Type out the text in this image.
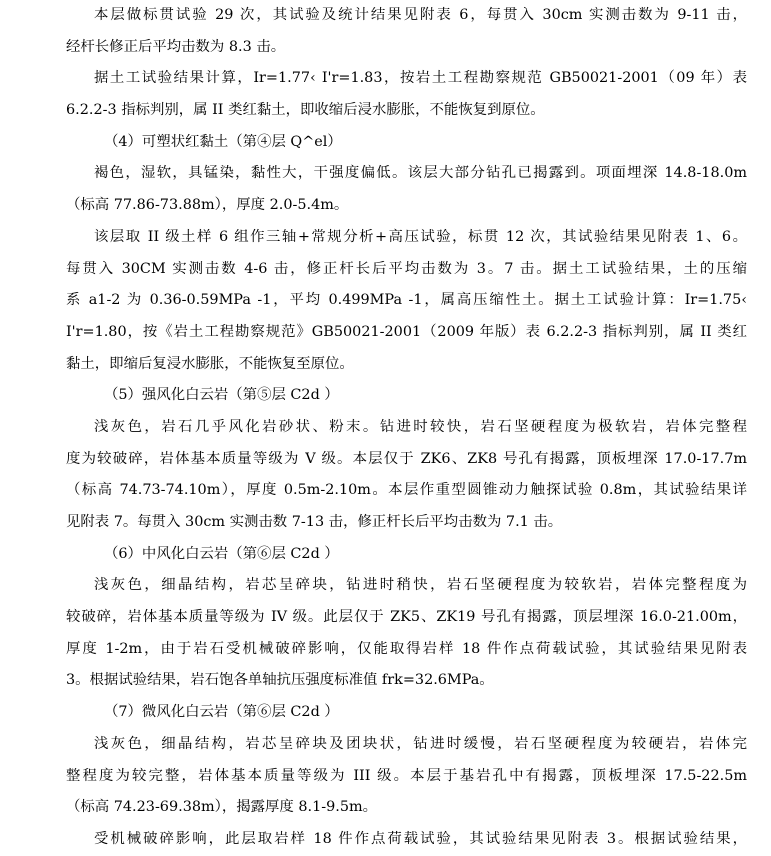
本层做标贯试验 29 次，其试验及统计结果见附表 6，每贯入 30cm 实测击数为 9-11 击，
经杆长修正后平均击数为 8.3 击。
据土工试验结果计算，Ir=1.77‹ I'r=1.83，按岩土工程勘察规范 GB50021-2001（09 年）表
6.2.2-3 指标判别，属 II 类红黏土，即收缩后浸水膨胀，不能恢复到原位。
（4）可塑状红黏土（第④层 Q^el）
褐色，湿软，具锰染，黏性大，干强度偏低。该层大部分钻孔已揭露到。项面埋深 14.8-18.0m
（标高 77.86-73.88m），厚度 2.0-5.4m。
该层取 II 级土样 6 组作三轴+常规分析+高压试验，标贯 12 次，其试验结果见附表 1、6。
每贯入 30CM 实测击数 4-6 击，修正杆长后平均击数为 3。7 击。据土工试验结果，土的压缩
系 a1-2 为 0.36-0.59MPa -1，平均 0.499MPa -1，属高压缩性土。据土工试验计算：Ir=1.75‹
I'r=1.80，按《岩土工程勘察规范》GB50021-2001（2009 年版）表 6.2.2-3 指标判别，属 II 类红
黏土，即缩后复浸水膨胀，不能恢复至原位。
（5）强风化白云岩（第⑤层 C2d ）
浅灰色，岩石几乎风化岩砂状、粉末。钻进时较快，岩石坚硬程度为极软岩，岩体完整程
度为较破碎，岩体基本质量等级为 V 级。本层仅于 ZK6、ZK8 号孔有揭露，顶板埋深 17.0-17.7m
（标高 74.73-74.10m），厚度 0.5m-2.10m。本层作重型圆锥动力触探试验 0.8m，其试验结果详
见附表 7。每贯入 30cm 实测击数 7-13 击，修正杆长后平均击数为 7.1 击。
（6）中风化白云岩（第⑥层 C2d ）
浅灰色，细晶结构，岩芯呈碎块，钻进时稍快，岩石坚硬程度为较软岩，岩体完整程度为
较破碎，岩体基本质量等级为 IV 级。此层仅于 ZK5、ZK19 号孔有揭露，顶层埋深 16.0-21.00m，
厚度 1-2m，由于岩石受机械破碎影响，仅能取得岩样 18 件作点荷载试验，其试验结果见附表
3。根据试验结果，岩石饱各单轴抗压强度标准值 frk=32.6MPa。
（7）微风化白云岩（第⑥层 C2d ）
浅灰色，细晶结构，岩芯呈碎块及团块状，钻进时缓慢，岩石坚硬程度为较硬岩，岩体完
整程度为较完整，岩体基本质量等级为 III 级。本层于基岩孔中有揭露，顶板埋深 17.5-22.5m
（标高 74.23-69.38m），揭露厚度 8.1-9.5m。
受机械破碎影响，此层取岩样 18 件作点荷载试验，其试验结果见附表 3。根据试验结果，
